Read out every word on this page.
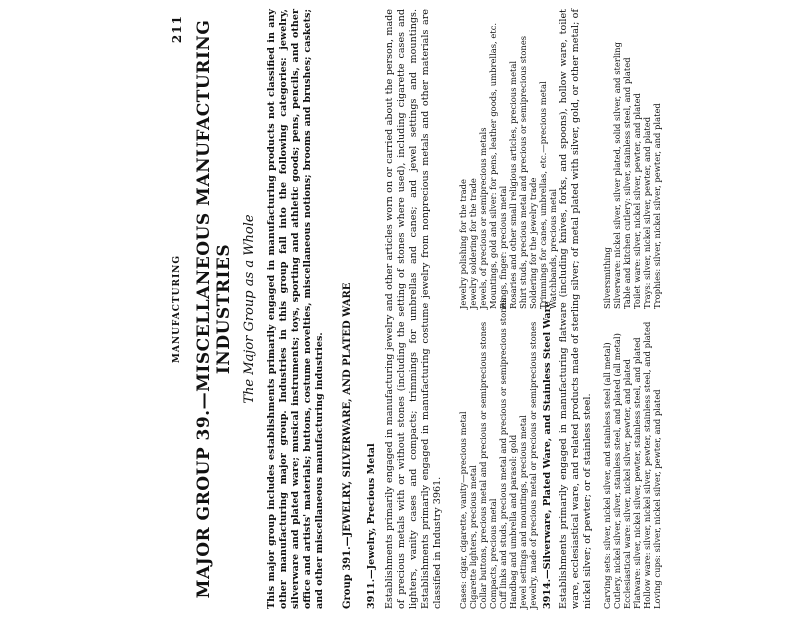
MANUFACTURING
211 MAJOR GROUP 39.—MISCELLANEOUS MANUFACTURING INDUSTRIES The Major Group as a Whole This major group includes establishments primarily engaged in manufacturing products not classified in any other manufacturing major group. Industries in this group fall into the following categories: jewelry, silverware and plated ware; musical instruments; toys, sporting and athletic goods; pens, pencils, and other office and artists' materials; buttons, costume novelties, miscellaneous notions; brooms and brushes; caskets; and other miscellaneous manufacturing industries.	Group 391.—JEWELRY, SILVERWARE, AND PLATED WARE 3911.—Jewelry, Precious Metal Establishments primarily engaged in manufacturing jewelry and other articles worn on or carried about the person, made of precious metals with or without stones (including the setting of stones where used), including cigarette cases and lighters, vanity cases and compacts; trimmings for umbrellas and canes; and jewel settings and mountings. Establishments primarily engaged in manufacturing costume jewelry from nonprecious metals and other materials are classified in Industry 3961.	Cases: cigar, cigarette, vanity—precious metal Cigarette lighters, precious metal Collar buttons, precious metal and precious or semiprecious stones Compacts, precious metal Cuff links and studs, precious metal and precious or semiprecious stones Handbag and umbrella and parasol: gold Jewel settings and mountings, precious metal Jewelry, made of precious metal or precious or semiprecious stones
Jewelry polishing for the trade Jewelry soldering for the trade Jewels, of precious or semiprecious metals Mountings, gold and silver: for pens, leather goods, umbrellas, etc. Rings, finger: precious metal Rosaries and other small religious articles, precious metal Shirt studs, precious metal and precious or semiprecious stones Soldering for the jewelry trade Trimmings for canes, umbrellas, etc.—precious metal Watchbands, precious metal
3914.—Silverware, Plated Ware, and Stainless Steel Ware Establishments primarily engaged in manufacturing flatware (including knives, forks, and spoons), hollow ware, toilet ware, ecclesiastical ware, and related products made of sterling silver; of metal plated with silver, gold, or other metal; of nickel silver; of pewter; or of stainless steel.	Carving sets: silver, nickel silver, and stainless steel (all metal) Cutlery, nickel silver, silver, stainless steel, and plated (all metal) Ecclesiastical ware: silver, nickel silver, pewter, and plated Flatware: silver, nickel silver, pewter, stainless steel, and plated Hollow ware: silver, nickel silver, pewter, stainless steel, and plated Loving cups: silver, nickel silver, pewter, and plated
Silversmithing Silverware: nickel silver, silver plated, solid silver, and sterling Table and kitchen cutlery: silver, stainless steel, and plated Toilet ware: silver, nickel silver, pewter, and plated Trays: silver, nickel silver, pewter, and plated Trophies: silver, nickel silver, pewter, and plated
